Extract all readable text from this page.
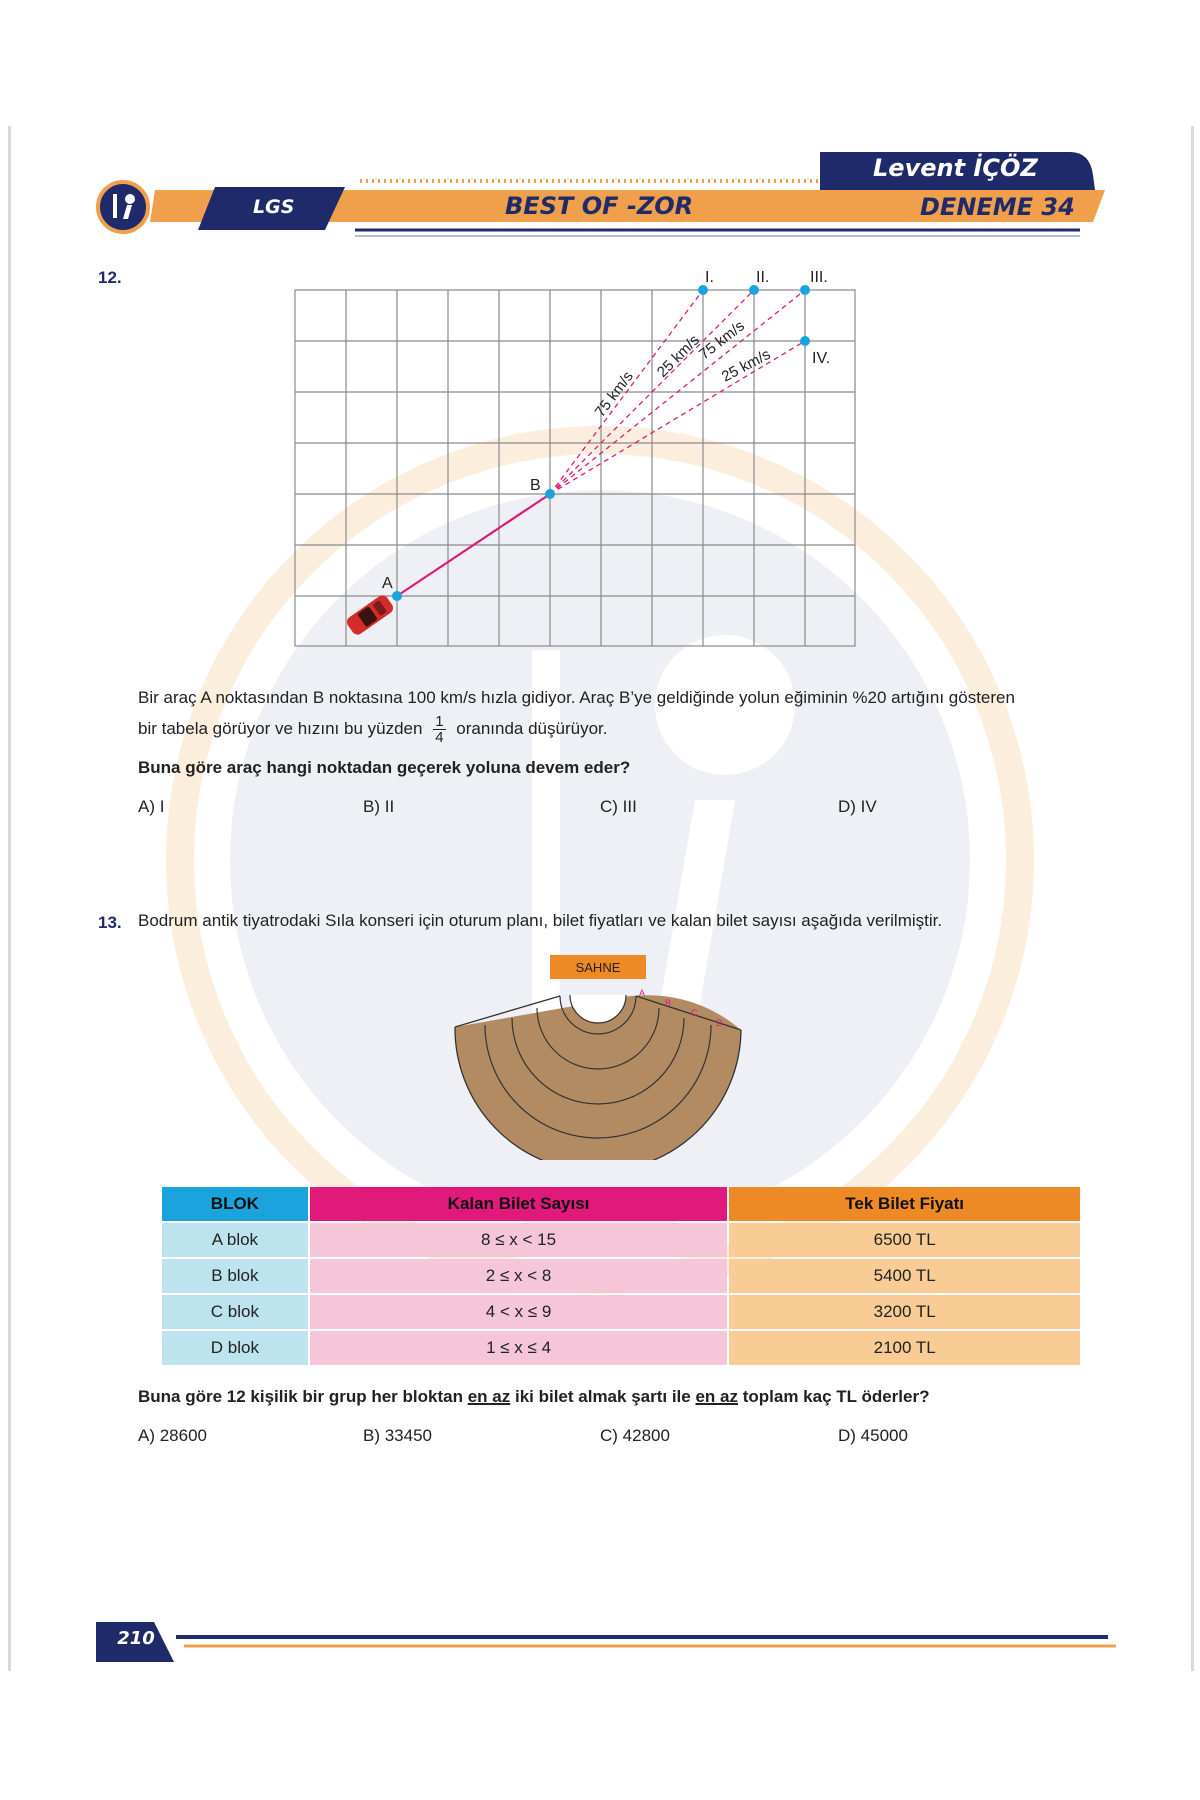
Levent İÇÖZ
LGS	BEST OF -ZOR	DENEME 34
12.
A
B
I.	II.	III.
IV.
75 km/s
25 km/s
75 km/s
25 km/s
Bir araç A noktasından B noktasına 100 km/s hızla gidiyor. Araç B’ye geldiğinde yolun eğiminin %20 artığını gösteren
bir tabela görüyor ve hızını bu yüzden $\frac{1}{4}$ oranında düşürüyor.
Buna göre araç hangi noktadan geçerek yoluna devem eder?
A) I	B) II	C) III	D) IV
13. Bodrum antik tiyatrodaki Sıla konseri için oturum planı, bilet fiyatları ve kalan bilet sayısı aşağıda verilmiştir.
SAHNE
A
B
C
D
BLOK	Kalan Bilet Sayısı	Tek Bilet Fiyatı
A blok	8 ≤ x < 15	6500 TL
B blok	2 ≤ x < 8	5400 TL
C blok	4 < x ≤ 9	3200 TL
D blok	1 ≤ x ≤ 4	2100 TL
Buna göre 12 kişilik bir grup her bloktan en az iki bilet almak şartı ile en az toplam kaç TL öderler?
A) 28600	B) 33450	C) 42800	D) 45000
210
